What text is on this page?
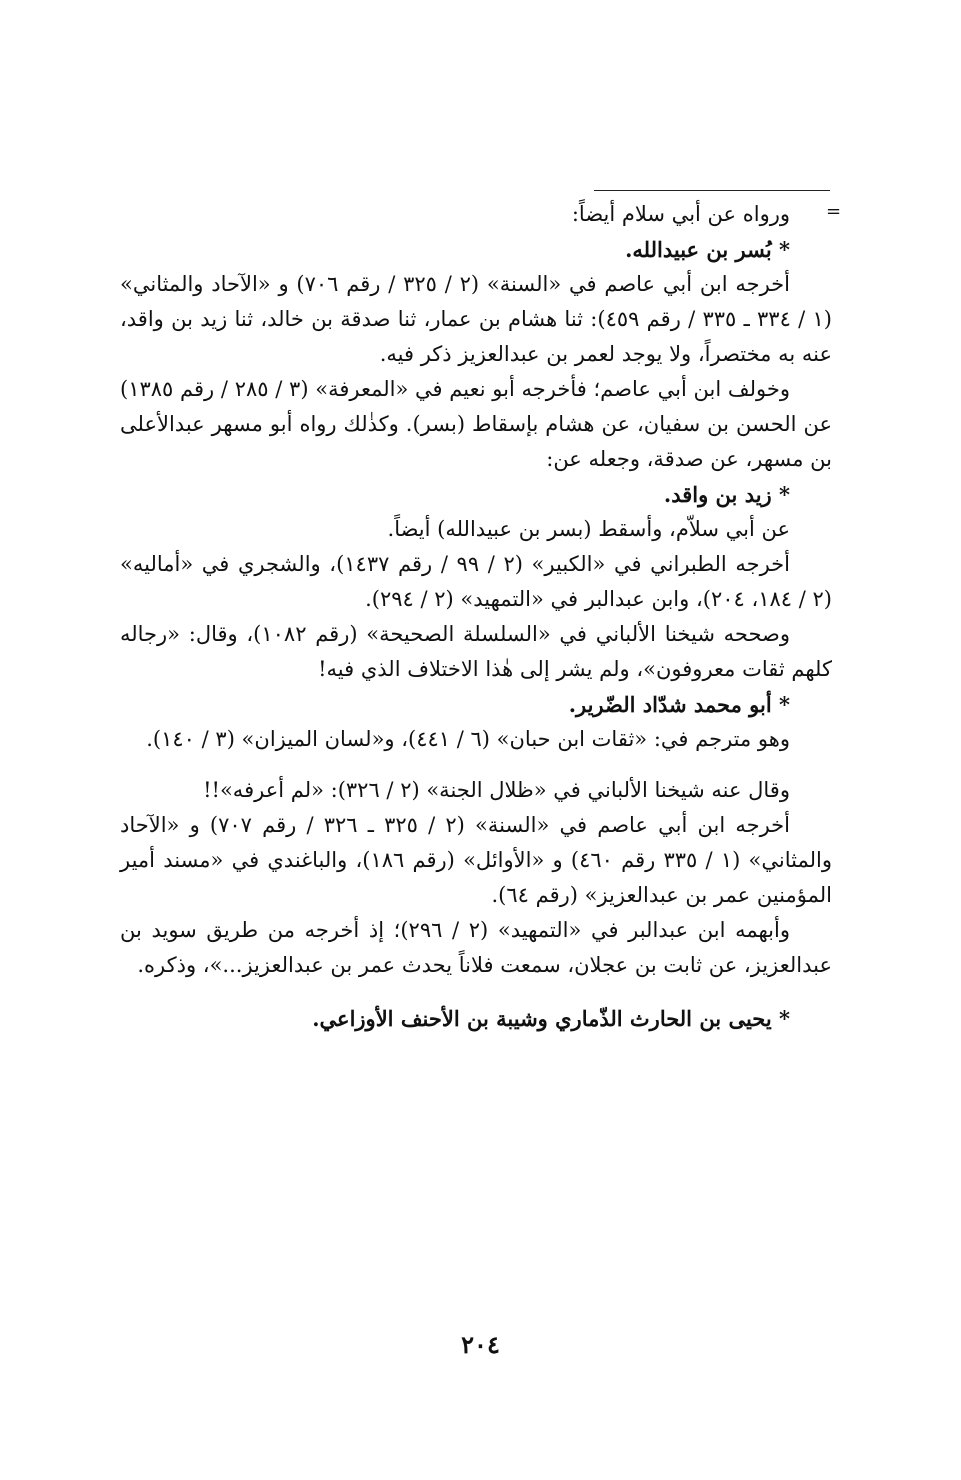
=

ورواه عن أبي سلام أيضاً:

* بُسر بن عبيدالله.

أخرجه ابن أبي عاصم في «السنة» (٢ / ٣٢٥ / رقم ٧٠٦) و «الآحاد والمثاني» (١ / ٣٣٤ ـ ٣٣٥ / رقم ٤٥٩): ثنا هشام بن عمار، ثنا صدقة بن خالد، ثنا زيد بن واقد، عنه به مختصراً، ولا يوجد لعمر بن عبدالعزيز ذكر فيه.

وخولف ابن أبي عاصم؛ فأخرجه أبو نعيم في «المعرفة» (٣ / ٢٨٥ / رقم ١٣٨٥) عن الحسن بن سفيان، عن هشام بإسقاط (بسر). وكذٰلك رواه أبو مسهر عبدالأعلى بن مسهر، عن صدقة، وجعله عن:

* زيد بن واقد.

عن أبي سلاّم، وأسقط (بسر بن عبيدالله) أيضاً.

أخرجه الطبراني في «الكبير» (٢ / ٩٩ / رقم ١٤٣٧)، والشجري في «أماليه» (٢ / ١٨٤، ٢٠٤)، وابن عبدالبر في «التمهيد» (٢ / ٢٩٤).

وصححه شيخنا الألباني في «السلسلة الصحيحة» (رقم ١٠٨٢)، وقال: «رجاله كلهم ثقات معروفون»، ولم يشر إلى هٰذا الاختلاف الذي فيه!

* أبو محمد شدّاد الضّرير.

وهو مترجم في: «ثقات ابن حبان» (٦ / ٤٤١)، و«لسان الميزان» (٣ / ١٤٠).

وقال عنه شيخنا الألباني في «ظلال الجنة» (٢ / ٣٢٦): «لم أعرفه»!!

أخرجه ابن أبي عاصم في «السنة» (٢ / ٣٢٥ ـ ٣٢٦ / رقم ٧٠٧) و «الآحاد والمثاني» (١ / ٣٣٥ رقم ٤٦٠) و «الأوائل» (رقم ١٨٦)، والباغندي في «مسند أمير المؤمنين عمر بن عبدالعزيز» (رقم ٦٤).

وأبهمه ابن عبدالبر في «التمهيد» (٢ / ٢٩٦)؛ إذ أخرجه من طريق سويد بن عبدالعزيز، عن ثابت بن عجلان، سمعت فلاناً يحدث عمر بن عبدالعزيز...»، وذكره.

* يحيى بن الحارث الذّماري وشيبة بن الأحنف الأوزاعي.

٢٠٤
